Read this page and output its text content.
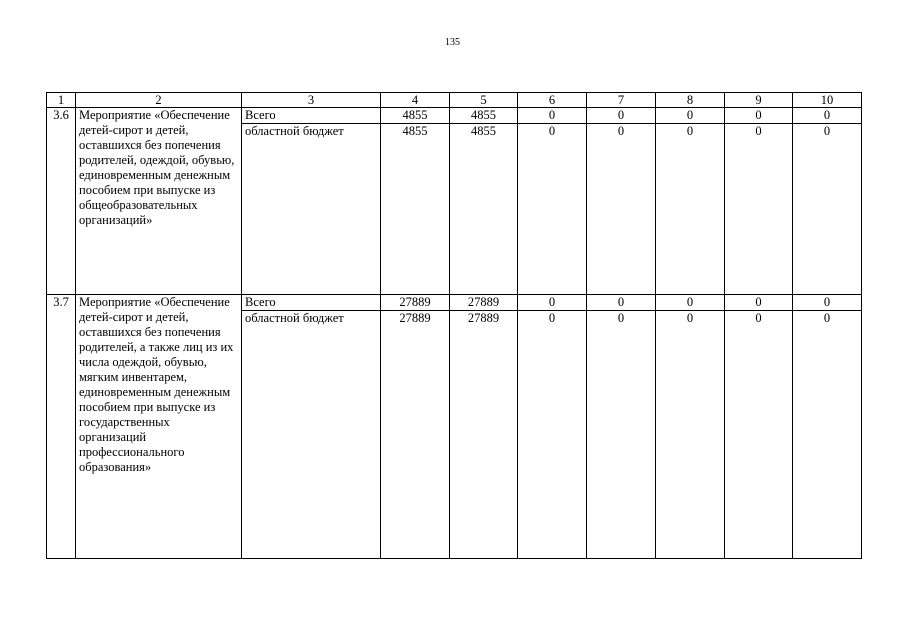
135
1	2	3	4	5	6	7	8	9	10
3.6	Мероприятие «Обеспечение детей-сирот и детей, оставшихся без попечения родителей, одеждой, обувью, единовременным денежным пособием при выпуске из общеобразовательных организаций»	Всего	4855	4855	0	0	0	0	0
		областной бюджет	4855	4855	0	0	0	0	0
3.7	Мероприятие «Обеспечение детей-сирот и детей, оставшихся без попечения родителей, а также лиц из их числа одеждой, обувью, мягким инвентарем, единовременным денежным пособием при выпуске из государственных организаций профессионального образования»	Всего	27889	27889	0	0	0	0	0
		областной бюджет	27889	27889	0	0	0	0	0
